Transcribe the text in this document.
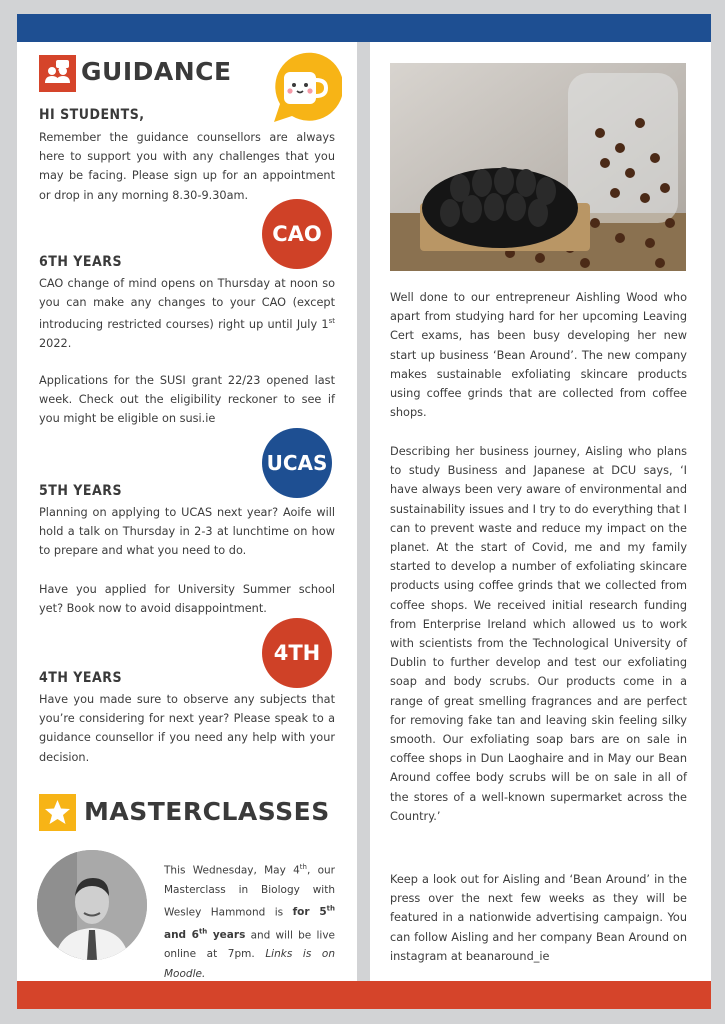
GUIDANCE
HI STUDENTS,
Remember the guidance counsellors are always here to support you with any challenges that you may be facing. Please sign up for an appointment or drop in any morning 8.30-9.30am.
CAO
6TH YEARS
CAO change of mind opens on Thursday at noon so you can make any changes to your CAO (except introducing restricted courses) right up until July 1st 2022.
Applications for the SUSI grant 22/23 opened last week. Check out the eligibility reckoner to see if you might be eligible on susi.ie
UCAS
5TH YEARS
Planning on applying to UCAS next year? Aoife will hold a talk on Thursday in 2-3 at lunchtime on how to prepare and what you need to do.
Have you applied for University Summer school yet? Book now to avoid disappointment.
4TH
4TH YEARS
Have you made sure to observe any subjects that you’re considering for next year? Please speak to a guidance counsellor if you need any help with your decision.
MASTERCLASSES
This Wednesday, May 4th, our Masterclass in Biology with Wesley Hammond is for 5th and 6th years and will be live online at 7pm. Links is on Moodle.
Well done to our entrepreneur Aishling Wood who apart from studying hard for her upcoming Leaving Cert exams, has been busy developing her new start up business ‘Bean Around’. The new company makes sustainable exfoliating skincare products using coffee grinds that are collected from coffee shops.
Describing her business journey, Aisling who plans to study Business and Japanese at DCU says, ‘I have always been very aware of environmental and sustainability issues and I try to do everything that I can to prevent waste and reduce my impact on the planet. At the start of Covid, me and my family started to develop a number of exfoliating skincare products using coffee grinds that we collected from coffee shops. We received initial research funding from Enterprise Ireland which allowed us to work with scientists from the Technological University of Dublin to further develop and test our exfoliating soap and body scrubs. Our products come in a range of great smelling fragrances and are perfect for removing fake tan and leaving skin feeling silky smooth. Our exfoliating soap bars are on sale in coffee shops in Dun Laoghaire and in May our Bean Around coffee body scrubs will be on sale in all of the stores of a well-known supermarket across the Country.’
Keep a look out for Aisling and ‘Bean Around’ in the press over the next few weeks as they will be featured in a nationwide advertising campaign. You can follow Aisling and her company Bean Around on instagram at beanaround_ie
